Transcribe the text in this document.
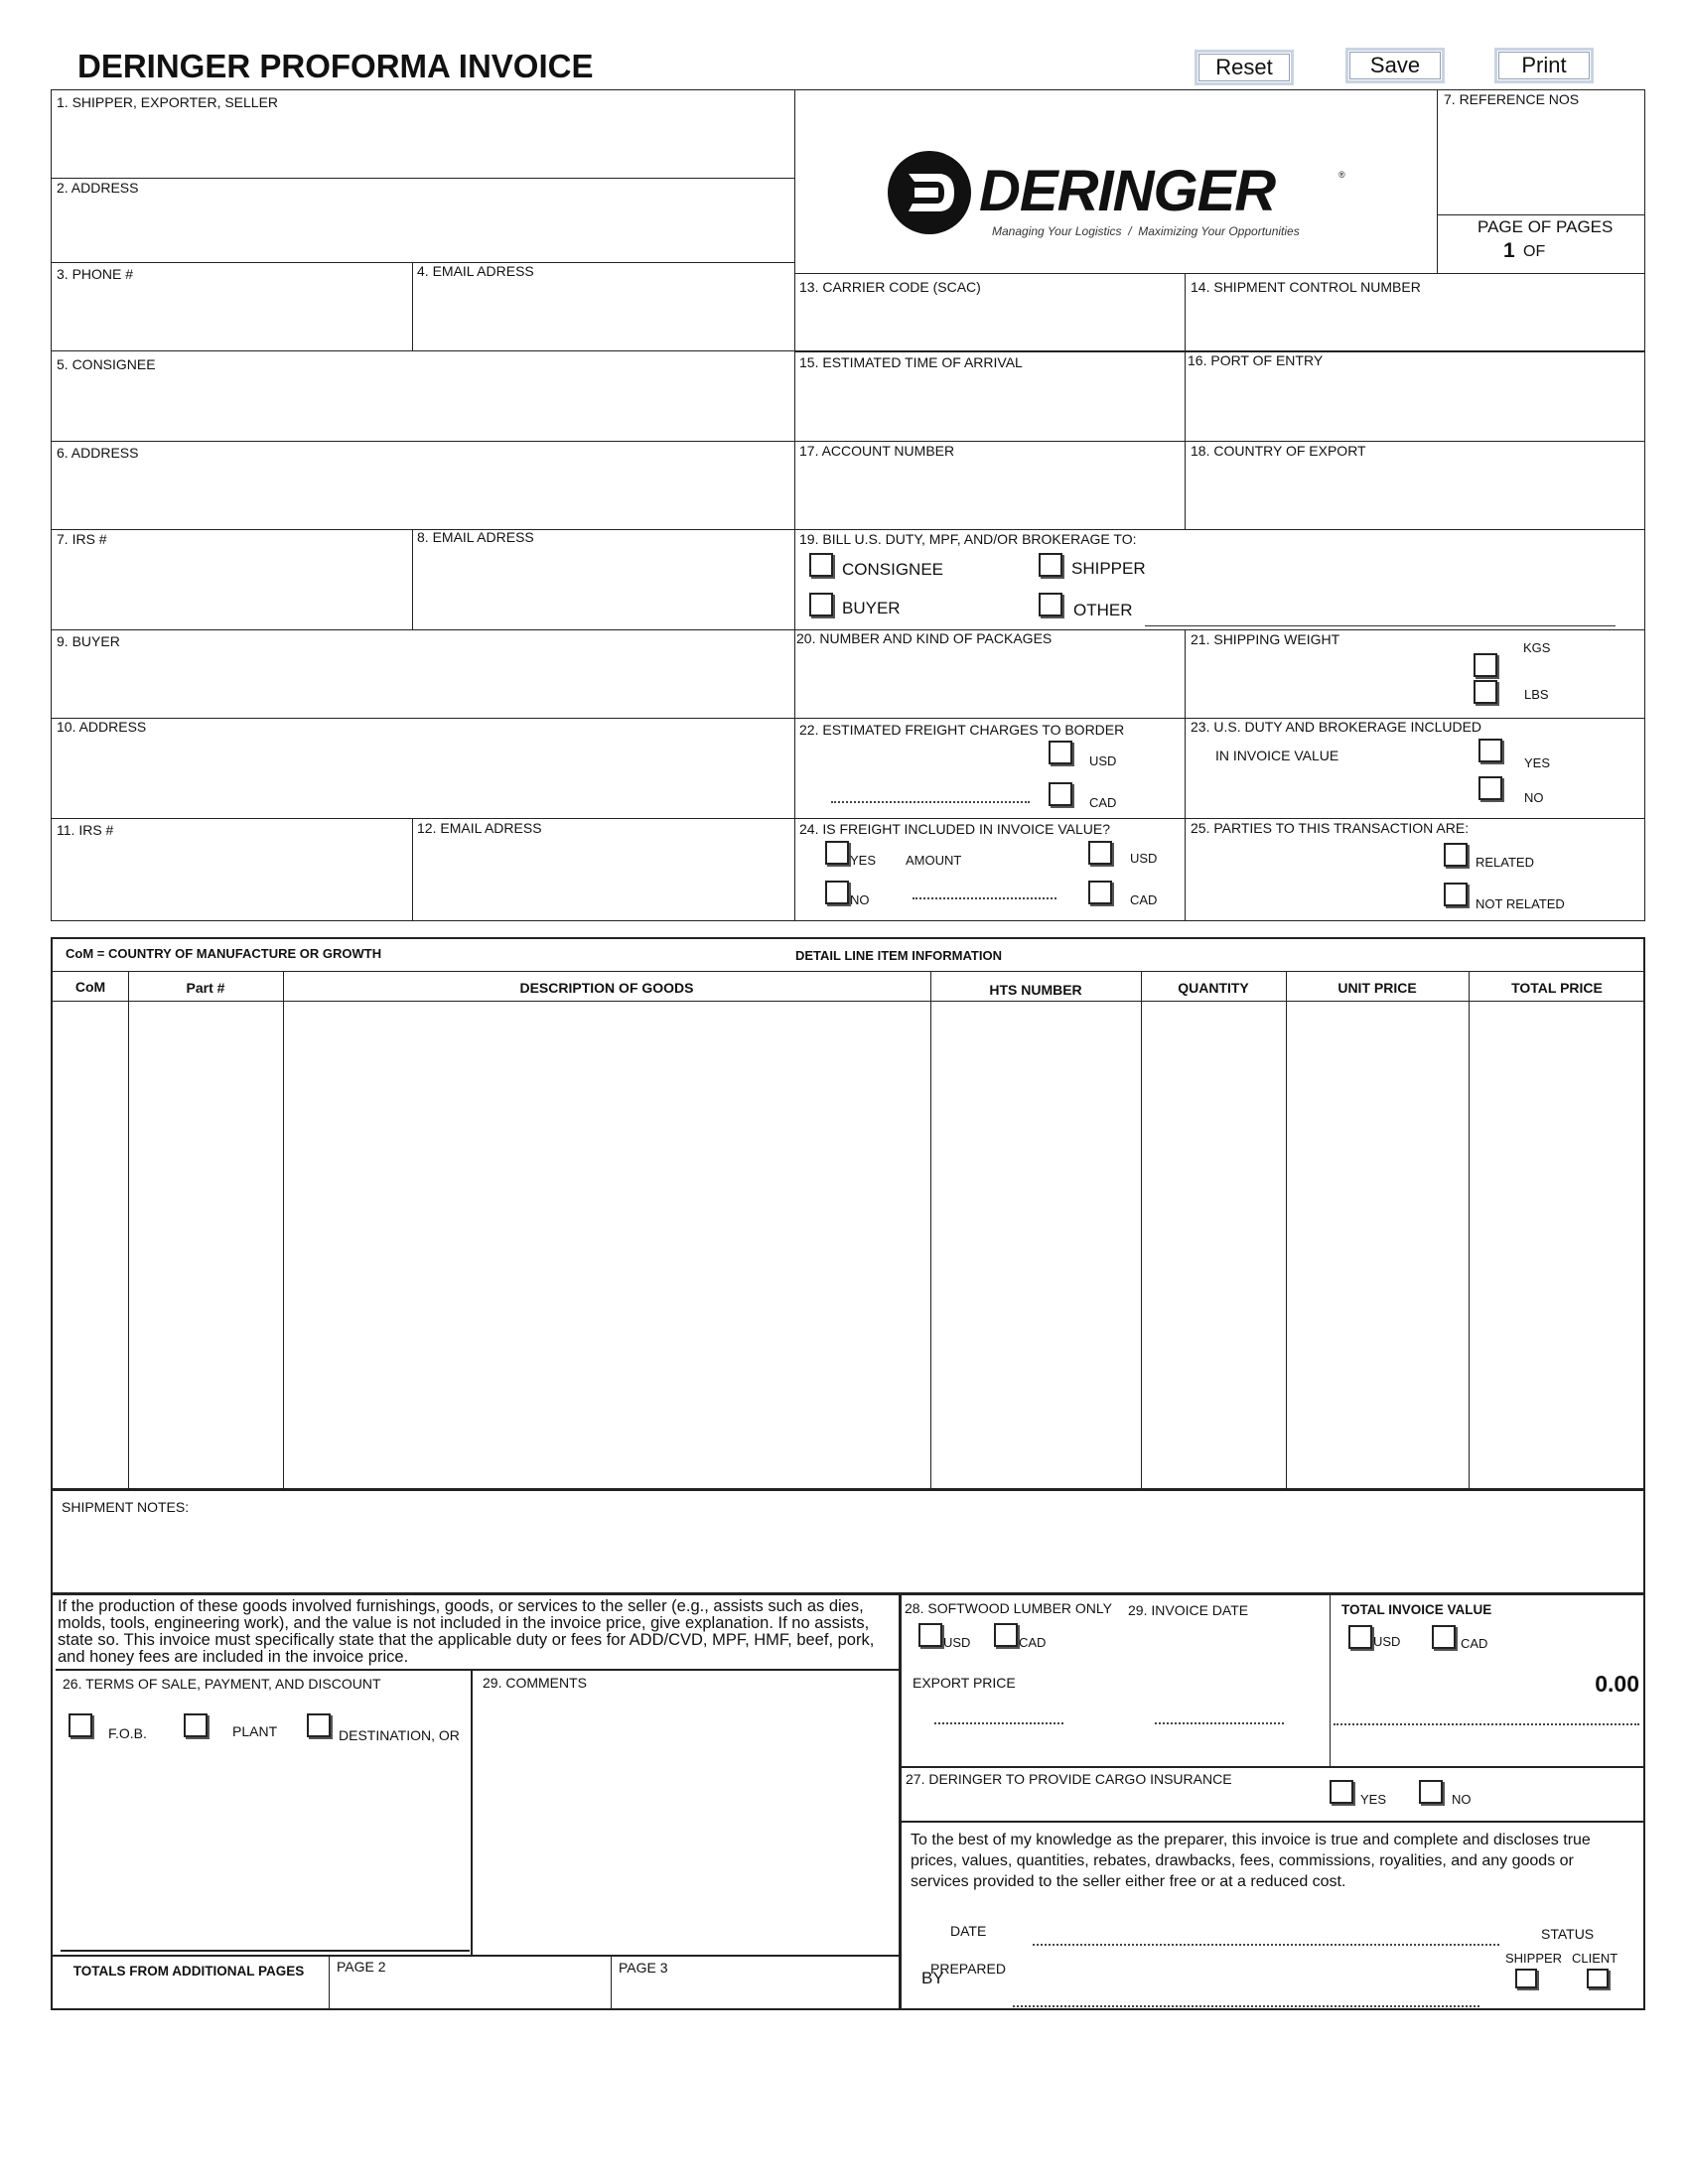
DERINGER PROFORMA INVOICE	Reset	Save	Print
1. SHIPPER, EXPORTER, SELLER
2. ADDRESS
3. PHONE #	4. EMAIL ADRESS
DERINGER	®
Managing Your Logistics  /  Maximizing Your Opportunities
7. REFERENCE NOS
PAGE OF PAGES
1 OF
13. CARRIER CODE (SCAC)	14. SHIPMENT CONTROL NUMBER
5. CONSIGNEE	15. ESTIMATED TIME OF ARRIVAL	16. PORT OF ENTRY
6. ADDRESS	17. ACCOUNT NUMBER	18. COUNTRY OF EXPORT
7. IRS #	8. EMAIL ADRESS	19. BILL U.S. DUTY, MPF, AND/OR BROKERAGE TO:
CONSIGNEE	SHIPPER
BUYER	OTHER
9. BUYER	20. NUMBER AND KIND OF PACKAGES	21. SHIPPING WEIGHT
KGS
LBS
10. ADDRESS	22. ESTIMATED FREIGHT CHARGES TO BORDER
USD
CAD
23. U.S. DUTY AND BROKERAGE INCLUDED
IN INVOICE VALUE	YES
NO
11. IRS #	12. EMAIL ADRESS	24. IS FREIGHT INCLUDED IN INVOICE VALUE?
YES AMOUNT	USD
NO	CAD
25. PARTIES TO THIS TRANSACTION ARE:
RELATED
NOT RELATED
CoM = COUNTRY OF MANUFACTURE OR GROWTH	DETAIL LINE ITEM INFORMATION
CoM	Part #	DESCRIPTION OF GOODS	HTS NUMBER	QUANTITY	UNIT PRICE	TOTAL PRICE
SHIPMENT NOTES:
If the production of these goods involved furnishings, goods, or services to the seller (e.g., assists such as dies, molds, tools, engineering work), and the value is not included in the invoice price, give explanation. If no assists, state so. This invoice must specifically state that the applicable duty or fees for ADD/CVD, MPF, HMF, beef, pork, and honey fees are included in the invoice price.
26. TERMS OF SALE, PAYMENT, AND DISCOUNT
F.O.B.	PLANT	DESTINATION, OR
29. COMMENTS
TOTALS FROM ADDITIONAL PAGES PAGE 2	PAGE 3
28. SOFTWOOD LUMBER ONLY 29. INVOICE DATE
USD	CAD
EXPORT PRICE
TOTAL INVOICE VALUE
USD	CAD
0.00
27. DERINGER TO PROVIDE CARGO INSURANCE
YES	NO
To the best of my knowledge as the preparer, this invoice is true and complete and discloses true prices, values, quantities, rebates, drawbacks, fees, commissions, royalities, and any goods or services provided to the seller either free or at a reduced cost.
DATE	STATUS
PREPARED
BY
SHIPPER CLIENT
